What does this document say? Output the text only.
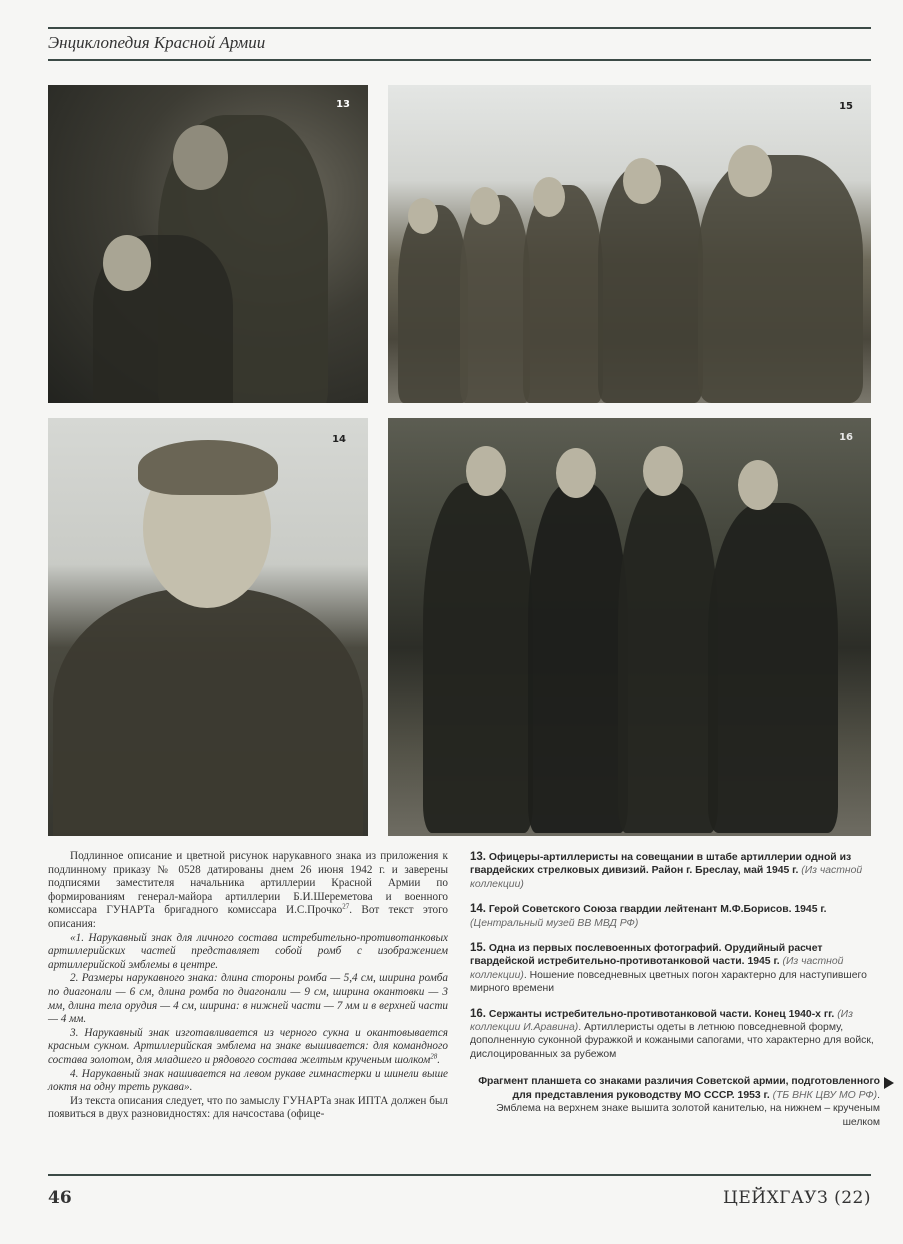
Энциклопедия Красной Армии
13	15
14	16

Подлинное описание и цветной рисунок нарукавного знака из приложения к подлинному приказу № 0528 датированы днем 26 июня 1942 г. и заверены подписями заместителя начальника артиллерии Красной Армии по формированиям генерал-майора артиллерии Б.И.Шереметова и военного комиссара ГУНАРТа бригадного комиссара И.С.Прочко$^{27}$. Вот текст этого описания:

«1. Нарукавный знак для личного состава истребительно-противотанковых артиллерийских частей представляет собой ромб с изображением артиллерийской эмблемы в центре.

2. Размеры нарукавного знака: длина стороны ромба — 5,4 см, ширина ромба по диагонали — 6 см, длина ромба по диагонали — 9 см, ширина окантовки — 3 мм, длина тела орудия — 4 см, ширина: в нижней части — 7 мм и в верхней части — 4 мм.

3. Нарукавный знак изготавливается из черного сукна и окантовывается красным сукном. Артиллерийская эмблема на знаке вышивается: для командного состава золотом, для младшего и рядового состава желтым крученым шолком$^{28}$.

4. Нарукавный знак нашивается на левом рукаве гимнастерки и шинели выше локтя на одну треть рукава».

Из текста описания следует, что по замыслу ГУНАРТа знак ИПТА должен был появиться в двух разновидностях: для начсостава (офице-

13. Офицеры-артиллеристы на совещании в штабе артиллерии одной из гвардейских стрелковых дивизий. Район г. Бреслау, май 1945 г. (Из частной коллекции)
14. Герой Советского Союза гвардии лейтенант М.Ф.Борисов. 1945 г. (Центральный музей ВВ МВД РФ)
15. Одна из первых послевоенных фотографий. Орудийный расчет гвардейской истребительно-противотанковой части. 1945 г. (Из частной коллекции). Ношение повседневных цветных погон характерно для наступившего мирного времени
16. Сержанты истребительно-противотанковой части. Конец 1940-х гг. (Из коллекции И.Аравина). Артиллеристы одеты в летнюю повседневной форму, дополненную суконной фуражкой и кожаными сапогами, что характерно для войск, дислоцированных за рубежом
Фрагмент планшета со знаками различия Советской армии, подготовленного для представления руководству МО СССР. 1953 г. (ТБ ВНК ЦВУ МО РФ). Эмблема на верхнем знаке вышита золотой канителью, на нижнем – крученым шелком
46	ЦЕЙХГАУЗ (22)
